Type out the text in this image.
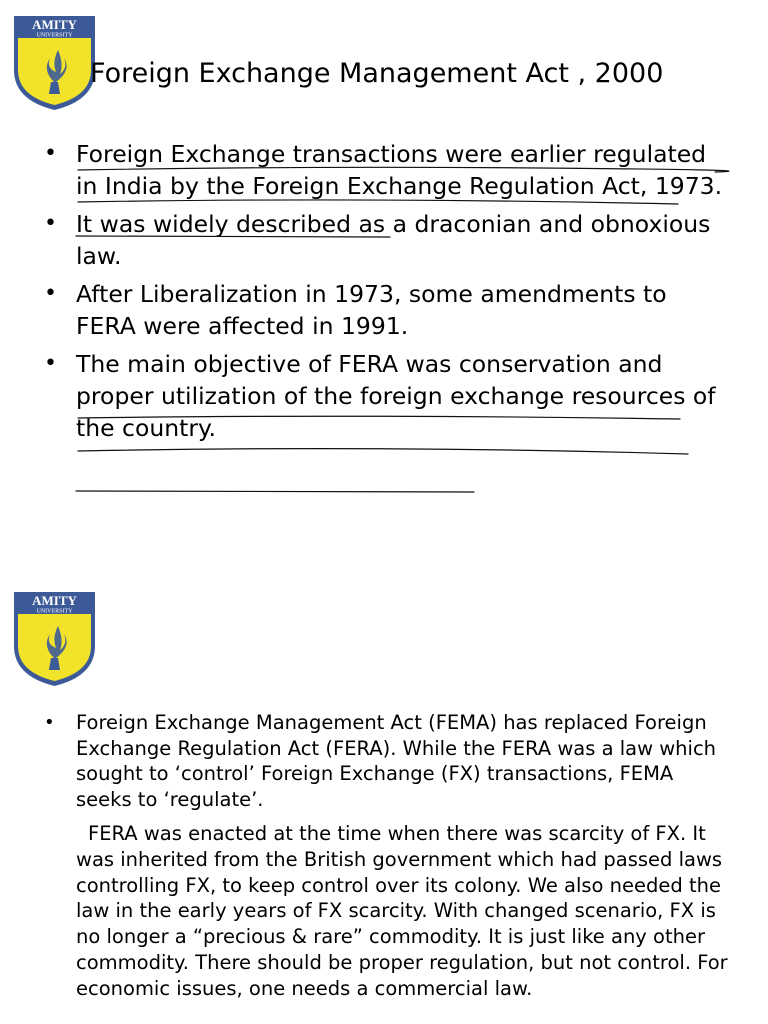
AMITY
UNIVERSITY
Foreign Exchange Management Act , 2000
• Foreign Exchange transactions were earlier regulated in India by the Foreign Exchange Regulation Act, 1973.
• It was widely described as a draconian and obnoxious law.
• After Liberalization in 1973, some amendments to FERA were affected in 1991.
• The main objective of FERA was conservation and proper utilization of the foreign exchange resources of the country.
AMITY
UNIVERSITY
• Foreign Exchange Management Act (FEMA) has replaced Foreign Exchange Regulation Act (FERA). While the FERA was a law which sought to ‘control’ Foreign Exchange (FX) transactions, FEMA seeks to ‘regulate’.

FERA was enacted at the time when there was scarcity of FX. It was inherited from the British government which had passed laws controlling FX, to keep control over its colony. We also needed the law in the early years of FX scarcity. With changed scenario, FX is no longer a “precious & rare” commodity. It is just like any other commodity. There should be proper regulation, but not control. For economic issues, one needs a commercial law.
